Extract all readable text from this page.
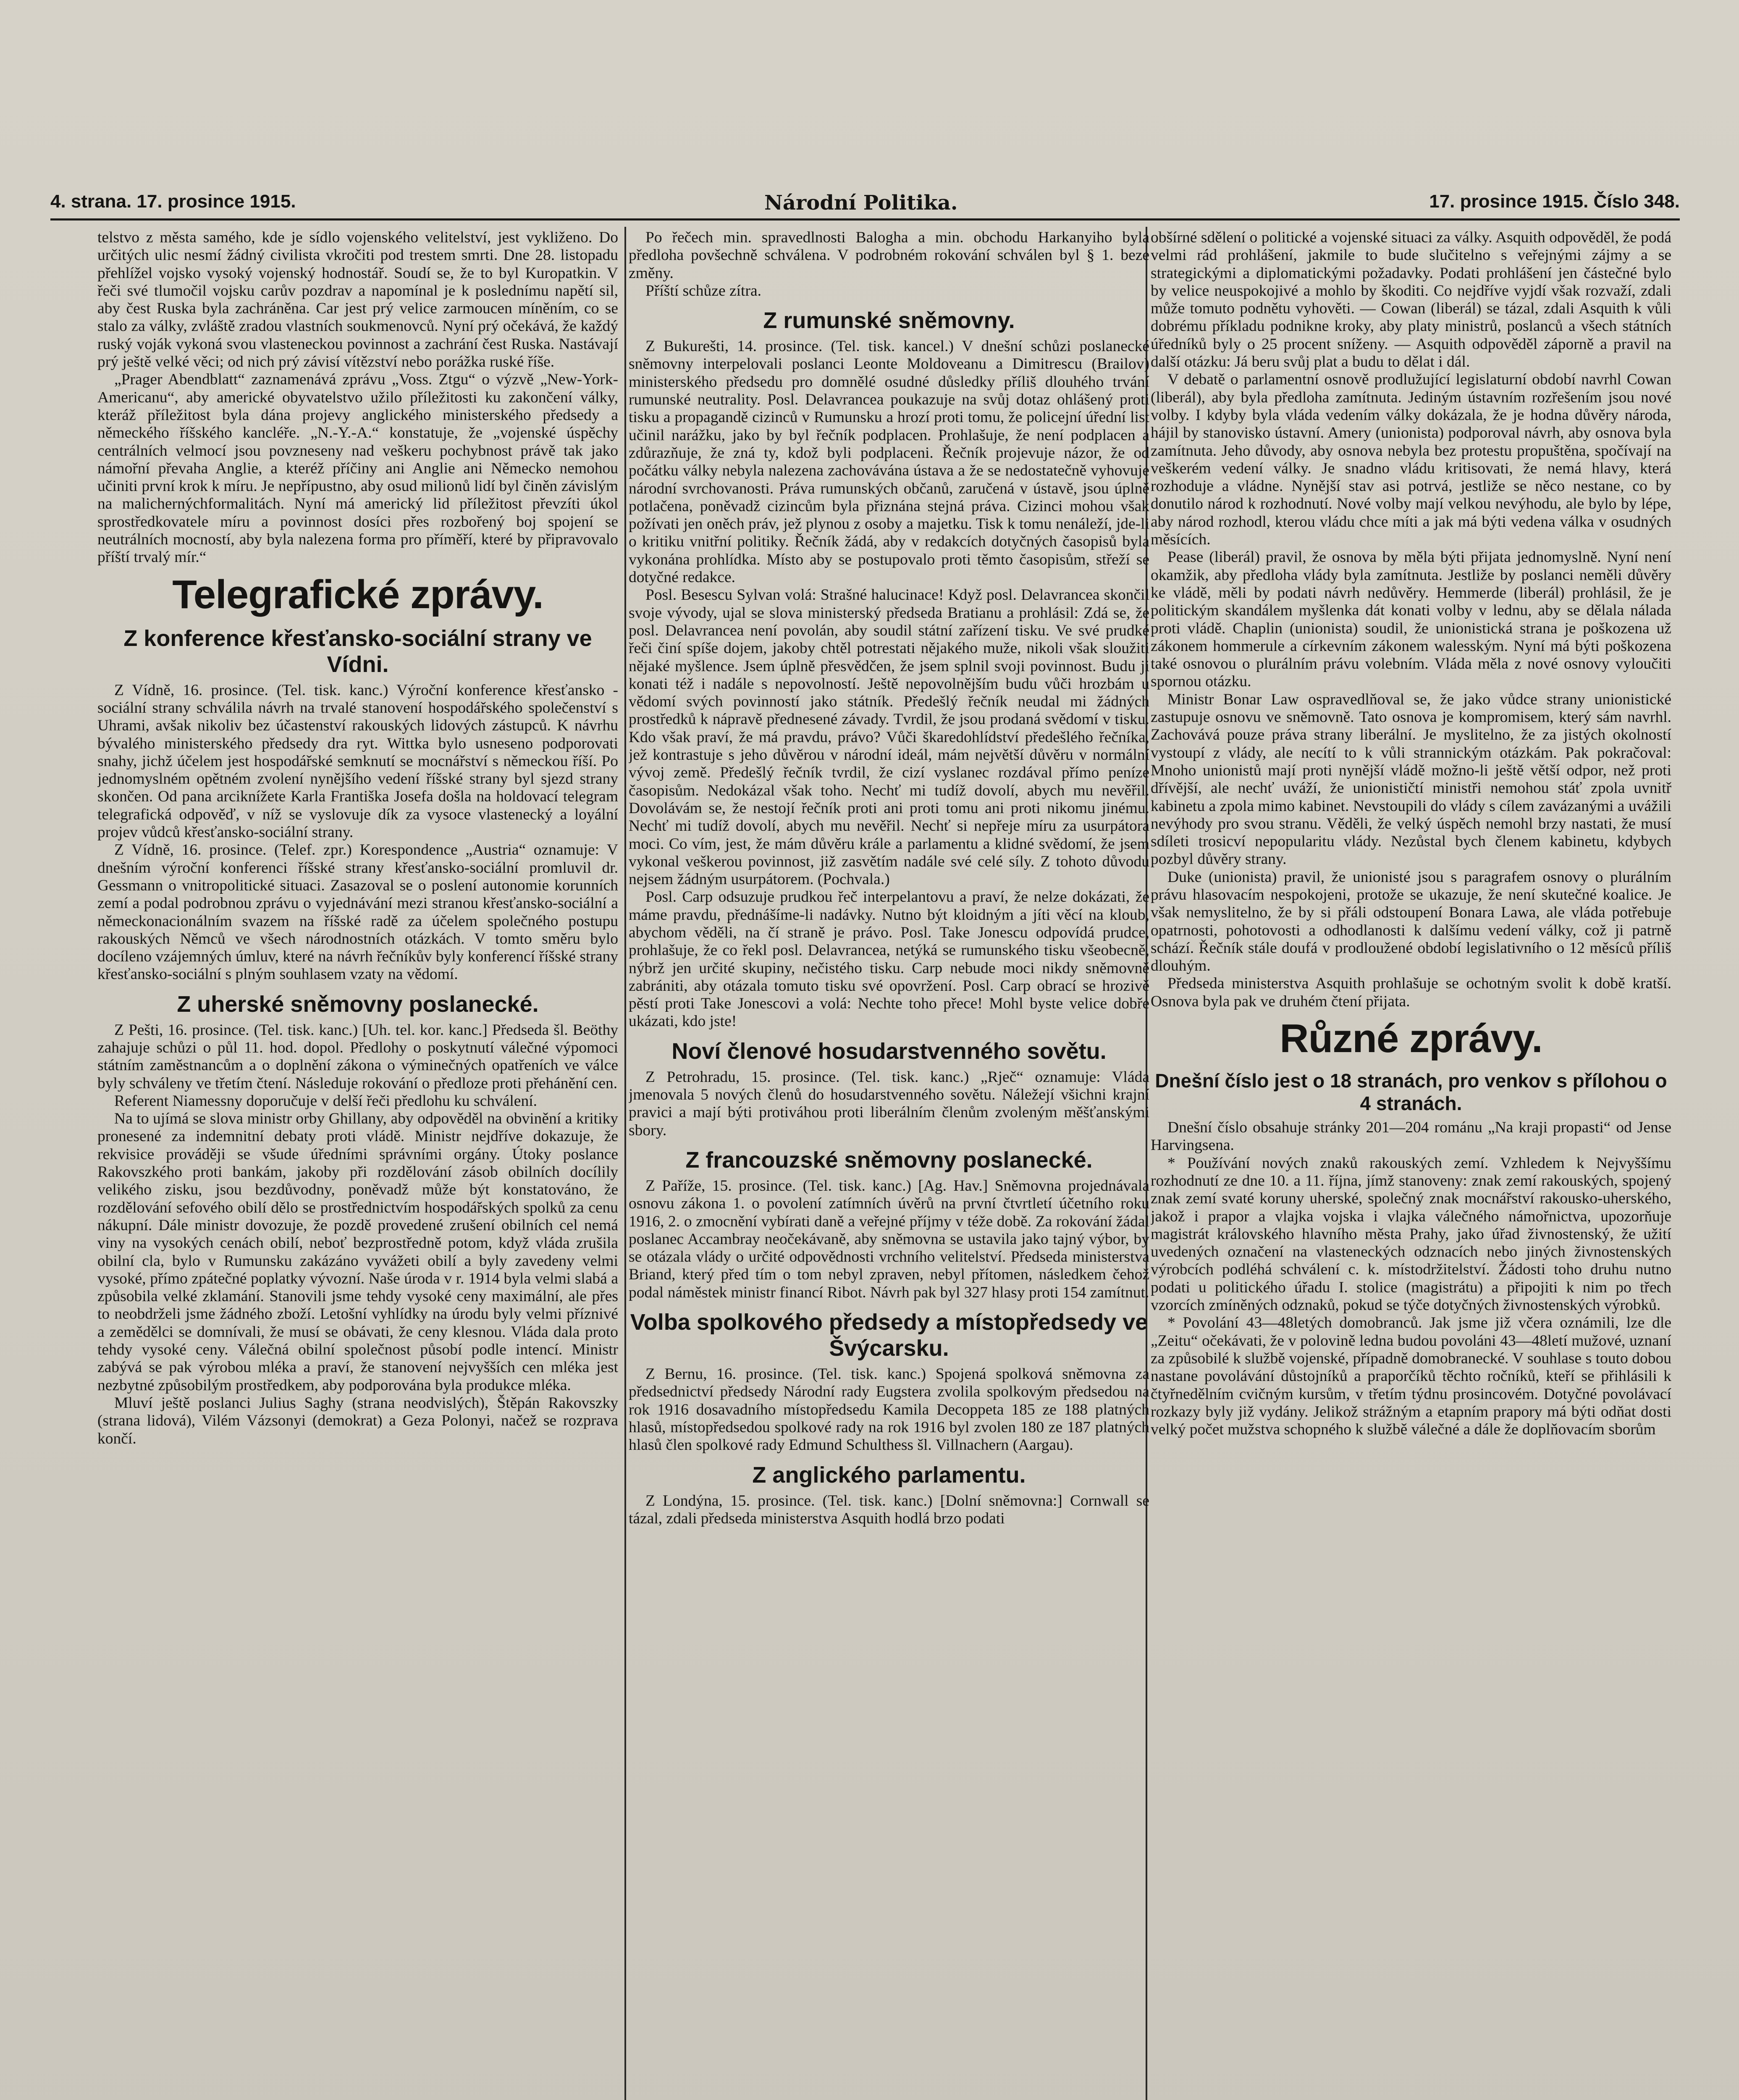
4. strana. 17. prosince 1915.	Národní Politika.	17. prosince 1915. Číslo 348.

telstvo z města samého, kde je sídlo vojenského velitelství, jest vykliženo. Do určitých ulic nesmí žádný civilista vkročiti pod trestem smrti. Dne 28. listopadu přehlížel vojsko vysoký vojenský hodnostář. Soudí se, že to byl Kuropatkin. V řeči své tlumočil vojsku carův pozdrav a napomínal je k poslednímu napětí sil, aby čest Ruska byla zachráněna. Car jest prý velice zarmoucen míněním, co se stalo za války, zvláště zradou vlastních soukmenovců. Nyní prý očekává, že každý ruský voják vykoná svou vlasteneckou povinnost a zachrání čest Ruska. Nastávají prý ještě velké věci; od nich prý závisí vítězství nebo porážka ruské říše.

„Prager Abendblatt“ zaznamenává zprávu „Voss. Ztgu“ o výzvě „New-York-Americanu“, aby americké obyvatelstvo užilo příležitosti ku zakončení války, kteráž příležitost byla dána projevy anglického ministerského předsedy a německého říšského kancléře. „N.-Y.-A.“ konstatuje, že „vojenské úspěchy centrálních velmocí jsou povzneseny nad veškeru pochybnost právě tak jako námořní převaha Anglie, a kteréž příčiny ani Anglie ani Německo nemohou učiniti první krok k míru. Je nepřípustno, aby osud milionů lidí byl činěn závislým na malichernýchformalitách. Nyní má americký lid příležitost převzíti úkol sprostředkovatele míru a povinnost dosíci přes rozbořený boj spojení se neutrálních mocností, aby byla nalezena forma pro příměří, které by připravovalo příští trvalý mír.“

Telegrafické zprávy.
Z konference křesťansko-sociální strany ve Vídni.

Z Vídně, 16. prosince. (Tel. tisk. kanc.) Výroční konference křesťansko - sociální strany schválila návrh na trvalé stanovení hospodářského společenství s Uhrami, avšak nikoliv bez účastenství rakouských lidových zástupců. K návrhu bývalého ministerského předsedy dra ryt. Wittka bylo usneseno podporovati snahy, jichž účelem jest hospodářské semknutí se mocnářství s německou říší. Po jednomyslném opětném zvolení nynějšího vedení říšské strany byl sjezd strany skončen. Od pana arciknížete Karla Františka Josefa došla na holdovací telegram telegrafická odpověď, v níž se vyslovuje dík za vysoce vlastenecký a loyální projev vůdců křesťansko-sociální strany.

Z Vídně, 16. prosince. (Telef. zpr.) Korespondence „Austria“ oznamuje: V dnešním výroční konferenci říšské strany křesťansko-sociální promluvil dr. Gessmann o vnitropolitické situaci. Zasazoval se o poslení autonomie korunních zemí a podal podrobnou zprávu o vyjednávání mezi stranou křesťansko-sociální a německonacionálním svazem na říšské radě za účelem společného postupu rakouských Němců ve všech národnostních otázkách. V tomto směru bylo docíleno vzájemných úmluv, které na návrh řečníkův byly konferencí říšské strany křesťansko-sociální s plným souhlasem vzaty na vědomí.

Z uherské sněmovny poslanecké.

Z Pešti, 16. prosince. (Tel. tisk. kanc.) [Uh. tel. kor. kanc.] Předseda šl. Beöthy zahajuje schůzi o půl 11. hod. dopol. Předlohy o poskytnutí válečné výpomoci státním zaměstnancům a o doplnění zákona o výminečných opatřeních ve válce byly schváleny ve třetím čtení. Následuje rokování o předloze proti přehánění cen.

Referent Niamessny doporučuje v delší řeči předlohu ku schválení.

Na to ujímá se slova ministr orby Ghillany, aby odpověděl na obvinění a kritiky pronesené za indemnitní debaty proti vládě. Ministr nejdříve dokazuje, že rekvisice prováději se všude úředními správními orgány. Útoky poslance Rakovszkého proti bankám, jakoby při rozdělování zásob obilních docílily velikého zisku, jsou bezdůvodny, poněvadž může být konstatováno, že rozdělování sefového obilí dělo se prostřednictvím hospodářských spolků za cenu nákupní. Dále ministr dovozuje, že pozdě provedené zrušení obilních cel nemá viny na vysokých cenách obilí, neboť bezprostředně potom, když vláda zrušila obilní cla, bylo v Rumunsku zakázáno vyvážeti obilí a byly zavedeny velmi vysoké, přímo zpátečné poplatky vývozní. Naše úroda v r. 1914 byla velmi slabá a způsobila velké zklamání. Stanovili jsme tehdy vysoké ceny maximální, ale přes to neobdrželi jsme žádného zboží. Letošní vyhlídky na úrodu byly velmi příznivé a zemědělci se domnívali, že musí se obávati, že ceny klesnou. Vláda dala proto tehdy vysoké ceny. Válečná obilní společnost působí podle intencí. Ministr zabývá se pak výrobou mléka a praví, že stanovení nejvyšších cen mléka jest nezbytné způsobilým prostředkem, aby podporována byla produkce mléka.

Mluví ještě poslanci Julius Saghy (strana neodvislých), Štěpán Rakovszky (strana lidová), Vilém Vázsonyi (demokrat) a Geza Polonyi, načež se rozprava končí.

Po řečech min. spravedlnosti Balogha a min. obchodu Harkanyiho byla předloha povšechně schválena. V podrobném rokování schválen byl § 1. beze změny.

Příští schůze zítra.

Z rumunské sněmovny.

Z Bukurešti, 14. prosince. (Tel. tisk. kancel.) V dnešní schůzi poslanecké sněmovny interpelovali poslanci Leonte Moldoveanu a Dimitrescu (Brailov) ministerského předsedu pro domnělé osudné důsledky příliš dlouhého trvání rumunské neutrality. Posl. Delavrancea poukazuje na svůj dotaz ohlášený proti tisku a propagandě cizinců v Rumunsku a hrozí proti tomu, že policejní úřední list učinil narážku, jako by byl řečník podplacen. Prohlašuje, že není podplacen a zdůrazňuje, že zná ty, kdož byli podplaceni. Řečník projevuje názor, že od počátku války nebyla nalezena zachovávána ústava a že se nedostatečně vyhovuje národní svrchovanosti. Práva rumunských občanů, zaručená v ústavě, jsou úplně potlačena, poněvadž cizincům byla přiznána stejná práva. Cizinci mohou však požívati jen oněch práv, jež plynou z osoby a majetku. Tisk k tomu nenáleží, jde-li o kritiku vnitřní politiky. Řečník žádá, aby v redakcích dotyčných časopisů byla vykonána prohlídka. Místo aby se postupovalo proti těmto časopisům, střeží se dotyčné redakce.

Posl. Besescu Sylvan volá: Strašné halucinace! Když posl. Delavrancea skončil svoje vývody, ujal se slova ministerský předseda Bratianu a prohlásil: Zdá se, že posl. Delavrancea není povolán, aby soudil státní zařízení tisku. Ve své prudké řeči činí spíše dojem, jakoby chtěl potrestati nějakého muže, nikoli však sloužiti nějaké myšlence. Jsem úplně přesvědčen, že jsem splnil svoji povinnost. Budu ji konati též i nadále s nepovolností. Ještě nepovolnějším budu vůči hrozbám u vědomí svých povinností jako státník. Předešlý řečník neudal mi žádných prostředků k nápravě přednesené závady. Tvrdil, že jsou prodaná svědomí v tisku. Kdo však praví, že má pravdu, právo? Vůči škaredohlídství předešlého řečníka, jež kontrastuje s jeho důvěrou v národní ideál, mám největší důvěru v normální vývoj země. Předešlý řečník tvrdil, že cizí vyslanec rozdával přímo peníze časopisům. Nedokázal však toho. Nechť mi tudíž dovolí, abych mu nevěřil. Dovolávám se, že nestojí řečník proti ani proti tomu ani proti nikomu jinému. Nechť mi tudíž dovolí, abych mu nevěřil. Nechť si nepřeje míru za usurpátora moci. Co vím, jest, že mám důvěru krále a parlamentu a klidné svědomí, že jsem vykonal veškerou povinnost, již zasvětím nadále své celé síly. Z tohoto důvodu nejsem žádným usurpátorem. (Pochvala.)

Posl. Carp odsuzuje prudkou řeč interpelantovu a praví, že nelze dokázati, že máme pravdu, přednášíme-li nadávky. Nutno být kloidným a jíti věcí na kloub, abychom věděli, na čí straně je právo. Posl. Take Jonescu odpovídá prudce, prohlašuje, že co řekl posl. Delavrancea, netýká se rumunského tisku všeobecně, nýbrž jen určité skupiny, nečistého tisku. Carp nebude moci nikdy sněmovně zabrániti, aby otázala tomuto tisku své opovržení. Posl. Carp obrací se hrozivě pěstí proti Take Jonescovi a volá: Nechte toho přece! Mohl byste velice dobře ukázati, kdo jste!

Noví členové hosudarstvenného sovětu.

Z Petrohradu, 15. prosince. (Tel. tisk. kanc.) „Rječ“ oznamuje: Vláda jmenovala 5 nových členů do hosudarstvenného sovětu. Náležejí všichni krajní pravici a mají býti protiváhou proti liberálním členům zvoleným měšťanskými sbory.

Z francouzské sněmovny poslanecké.

Z Paříže, 15. prosince. (Tel. tisk. kanc.) [Ag. Hav.] Sněmovna projednávala osnovu zákona 1. o povolení zatímních úvěrů na první čtvrtletí účetního roku 1916, 2. o zmocnění vybírati daně a veřejné příjmy v téže době. Za rokování žádal poslanec Accambray neočekávaně, aby sněmovna se ustavila jako tajný výbor, by se otázala vlády o určité odpovědnosti vrchního velitelství. Předseda ministerstva Briand, který před tím o tom nebyl zpraven, nebyl přítomen, následkem čehož podal náměstek ministr financí Ribot. Návrh pak byl 327 hlasy proti 154 zamítnut.

Volba spolkového předsedy a místopředsedy ve Švýcarsku.

Z Bernu, 16. prosince. (Tel. tisk. kanc.) Spojená spolková sněmovna za předsednictví předsedy Národní rady Eugstera zvolila spolkovým předsedou na rok 1916 dosavadního místopředsedu Kamila Decoppeta 185 ze 188 platných hlasů, místopředsedou spolkové rady na rok 1916 byl zvolen 180 ze 187 platných hlasů člen spolkové rady Edmund Schulthess šl. Villnachern (Aargau).

Z anglického parlamentu.

Z Londýna, 15. prosince. (Tel. tisk. kanc.) [Dolní sněmovna:] Cornwall se tázal, zdali předseda ministerstva Asquith hodlá brzo podati

obšírné sdělení o politické a vojenské situaci za války. Asquith odpověděl, že podá velmi rád prohlášení, jakmile to bude slučitelno s veřejnými zájmy a se strategickými a diplomatickými požadavky. Podati prohlášení jen částečné bylo by velice neuspokojivé a mohlo by škoditi. Co nejdříve vyjdí však rozvaží, zdali může tomuto podnětu vyhověti. — Cowan (liberál) se tázal, zdali Asquith k vůli dobrému příkladu podnikne kroky, aby platy ministrů, poslanců a všech státních úředníků byly o 25 procent sníženy. — Asquith odpověděl záporně a pravil na další otázku: Já beru svůj plat a budu to dělat i dál.

V debatě o parlamentní osnově prodlužující legislaturní období navrhl Cowan (liberál), aby byla předloha zamítnuta. Jediným ústavním rozřešením jsou nové volby. I kdyby byla vláda vedením války dokázala, že je hodna důvěry národa, hájil by stanovisko ústavní. Amery (unionista) podporoval návrh, aby osnova byla zamítnuta. Jeho důvody, aby osnova nebyla bez protestu propuštěna, spočívají na veškerém vedení války. Je snadno vládu kritisovati, že nemá hlavy, která rozhoduje a vládne. Nynější stav asi potrvá, jestliže se něco nestane, co by donutilo národ k rozhodnutí. Nové volby mají velkou nevýhodu, ale bylo by lépe, aby národ rozhodl, kterou vládu chce míti a jak má býti vedena válka v osudných měsících.

Pease (liberál) pravil, že osnova by měla býti přijata jednomyslně. Nyní není okamžik, aby předloha vlády byla zamítnuta. Jestliže by poslanci neměli důvěry ke vládě, měli by podati návrh nedůvěry. Hemmerde (liberál) prohlásil, že je politickým skandálem myšlenka dát konati volby v lednu, aby se dělala nálada proti vládě. Chaplin (unionista) soudil, že unionistická strana je poškozena už zákonem hommerule a církevním zákonem walesským. Nyní má býti poškozena také osnovou o plurálním právu volebním. Vláda měla z nové osnovy vyloučiti spornou otázku.

Ministr Bonar Law ospravedlňoval se, že jako vůdce strany unionistické zastupuje osnovu ve sněmovně. Tato osnova je kompromisem, který sám navrhl. Zachovává pouze práva strany liberální. Je myslitelno, že za jistých okolností vystoupí z vlády, ale necítí to k vůli strannickým otázkám. Pak pokračoval: Mnoho unionistů mají proti nynější vládě možno-li ještě větší odpor, než proti dřívější, ale nechť uváží, že unionističtí ministři nemohou stáť zpola uvnitř kabinetu a zpola mimo kabinet. Nevstoupili do vlády s cílem zavázanými a uvážili nevýhody pro svou stranu. Věděli, že velký úspěch nemohl brzy nastati, že musí sdíleti trosicví nepopularitu vlády. Nezůstal bych členem kabinetu, kdybych pozbyl důvěry strany.

Duke (unionista) pravil, že unionisté jsou s paragrafem osnovy o plurálním právu hlasovacím nespokojeni, protože se ukazuje, že není skutečné koalice. Je však nemyslitelno, že by si přáli odstoupení Bonara Lawa, ale vláda potřebuje opatrnosti, pohotovosti a odhodlanosti k dalšímu vedení války, což ji patrně schází. Řečník stále doufá v prodloužené období legislativního o 12 měsíců příliš dlouhým.

Předseda ministerstva Asquith prohlašuje se ochotným svolit k době kratší. Osnova byla pak ve druhém čtení přijata.

Různé zprávy.
Dnešní číslo jest o 18 stranách, pro venkov s přílohou o 4 stranách.

Dnešní číslo obsahuje stránky 201—204 románu „Na kraji propasti“ od Jense Harvingsena.

* Používání nových znaků rakouských zemí. Vzhledem k Nejvyššímu rozhodnutí ze dne 10. a 11. října, jímž stanoveny: znak zemí rakouských, spojený znak zemí svaté koruny uherské, společný znak mocnářství rakousko-uherského, jakož i prapor a vlajka vojska i vlajka válečného námořnictva, upozorňuje magistrát královského hlavního města Prahy, jako úřad živnostenský, že užití uvedených označení na vlasteneckých odznacích nebo jiných živnostenských výrobcích podléhá schválení c. k. místodržitelství. Žádosti toho druhu nutno podati u politického úřadu I. stolice (magistrátu) a připojiti k nim po třech vzorcích zmíněných odznaků, pokud se týče dotyčných živnostenských výrobků.

* Povolání 43—48letých domobranců. Jak jsme již včera oznámili, lze dle „Zeitu“ očekávati, že v polovině ledna budou povoláni 43—48letí mužové, uznaní za způsobilé k službě vojenské, případně domobranecké. V souhlase s touto dobou nastane povolávání důstojníků a praporčíků těchto ročníků, kteří se přihlásili k čtyřnedělním cvičným kursům, v třetím týdnu prosincovém. Dotyčné povolávací rozkazy byly již vydány. Jelikož strážným a etapním prapory má býti odňat dosti velký počet mužstva schopného k službě válečné a dále že doplňovacím sborům
